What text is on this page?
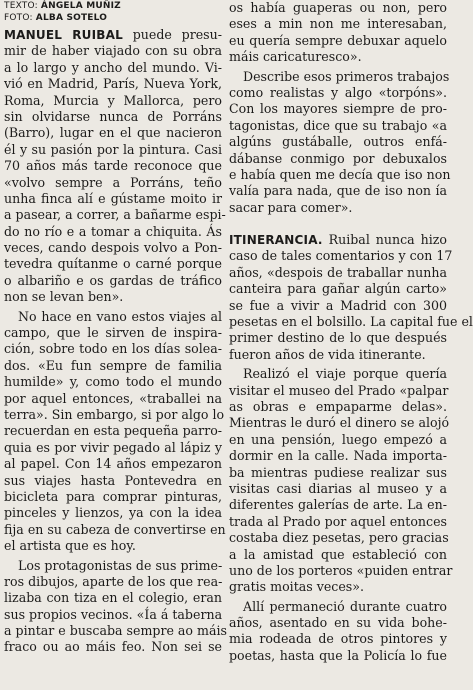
TEXTO: ÁNGELA MUÑIZ
FOTO: ALBA SOTELO
MANUEL RUIBAL puede presu-
mir de haber viajado con su obra
a lo largo y ancho del mundo. Vi-
vió en Madrid, París, Nueva York,
Roma, Murcia y Mallorca, pero
sin olvidarse nunca de Porráns
(Barro), lugar en el que nacieron
él y su pasión por la pintura. Casi
70 años más tarde reconoce que
«volvo sempre a Porráns, teño
unha finca alí e gústame moito ir
a pasear, a correr, a bañarme espi-
do no río e a tomar a chiquita. Ás
veces, cando despois volvo a Pon-
tevedra quítanme o carné porque
o albariño e os gardas de tráfico
non se levan ben».
No hace en vano estos viajes al
campo, que le sirven de inspira-
ción, sobre todo en los días solea-
dos. «Eu fun sempre de familia
humilde» y, como todo el mundo
por aquel entonces, «traballei na
terra». Sin embargo, si por algo lo
recuerdan en esta pequeña parro-
quia es por vivir pegado al lápiz y
al papel. Con 14 años empezaron
sus viajes hasta Pontevedra en
bicicleta para comprar pinturas,
pinceles y lienzos, ya con la idea
fija en su cabeza de convertirse en
el artista que es hoy.
Los protagonistas de sus prime-
ros dibujos, aparte de los que rea-
lizaba con tiza en el colegio, eran
sus propios vecinos. «Ía á taberna
a pintar e buscaba sempre ao máis
fraco ou ao máis feo. Non sei se
os había guaperas ou non, pero
eses a min non me interesaban,
eu quería sempre debuxar aquelo
máis caricaturesco».
Describe esos primeros trabajos
como realistas y algo «torpóns».
Con los mayores siempre de pro-
tagonistas, dice que su trabajo «a
algúns gustáballe, outros enfá-
dábanse conmigo por debuxalos
e había quen me decía que iso non
valía para nada, que de iso non ía
sacar para comer».
ITINERANCIA. Ruibal nunca hizo
caso de tales comentarios y con 17
años, «despois de traballar nunha
canteira para gañar algún carto»
se fue a vivir a Madrid con 300
pesetas en el bolsillo. La capital fue el
primer destino de lo que después
fueron años de vida itinerante.
Realizó el viaje porque quería
visitar el museo del Prado «palpar
as obras e empaparme delas».
Mientras le duró el dinero se alojó
en una pensión, luego empezó a
dormir en la calle. Nada importa-
ba mientras pudiese realizar sus
visitas casi diarias al museo y a
diferentes galerías de arte. La en-
trada al Prado por aquel entonces
costaba diez pesetas, pero gracias
a la amistad que estableció con
uno de los porteros «puiden entrar
gratis moitas veces».
Allí permaneció durante cuatro
años, asentado en su vida bohe-
mia rodeada de otros pintores y
poetas, hasta que la Policía lo fue
